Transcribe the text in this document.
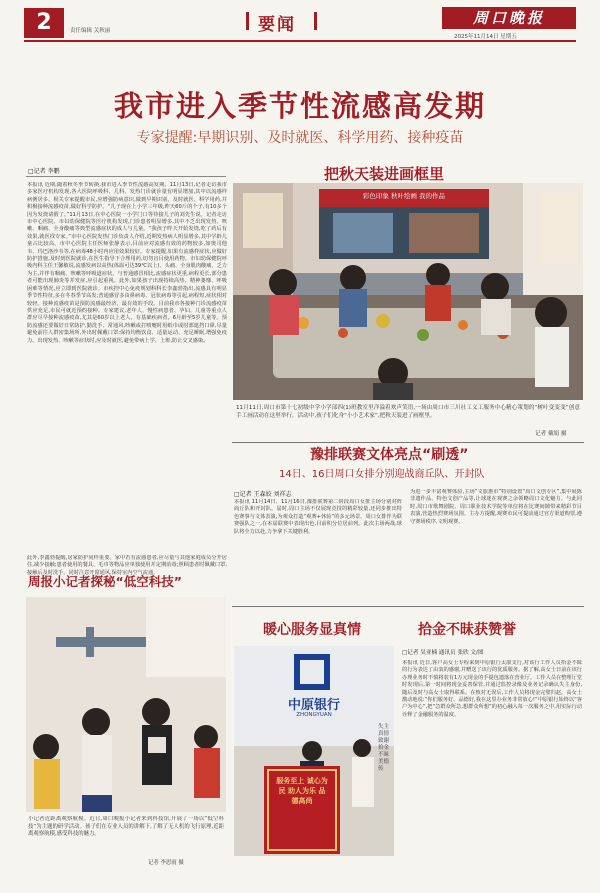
2	责任编辑 关秋丽	要闻	周口晚报
2025年11月14日 星期五
我市进入季节性流感高发期
专家提醒:早期识别、及时就医、科学用药、接种疫苗
□记者 李鹏
本报讯 近期,随着秋冬季节转换,我市进入季节性流感高发期。11月13日,记者走访我市多家医疗机构发现,各大医院呼吸科、儿科、发热门诊就诊量有明显增加,其中以流感样病例居多。相关专家提醒市民,应增强防病意识,做到早期识别、及时就医、科学用药,并积极接种流感疫苗,做好科学防护。“儿子现在上小学三年级,昨天60斤的个子,有10多个因为发烧请假了。”11月13日,在中心医院一小学门口等待接儿子的刘先生说。记者走访市中心医院、市妇幼保健院等医疗机构发现,门诊患者明显增多,其中不乏出现发热、咳嗽、咽痛、全身酸痛等典型流感症状的成人与儿童。“我孩子昨天开始发烧,吃了药后有效果,就医找专家。”市中心医院发热门诊负责人介绍,近期发热病人明显增多,其中学龄儿童占比较高。市中心医院主任医师张静表示,目前应对流感有效的药物较多,如奥司他韦、玛巴洛沙韦等,在病毒48小时内应用效果较好。专家提醒,如果有流感样症状,应做好防护措施,及时到医院就诊,在医生指导下合理用药,切勿盲目使用药物。市妇幼保健院呼吸内科主任王馨敏说,流感发病以高热(体温可达39℃以上)、头痛、全身肌肉酸痛、乏力为主,并伴有咽痛、咳嗽等呼吸道症状。与普通感冒相比,流感症状更重,病程更长,部分患者可能出现肺炎等并发症,应引起重视。此外,如果孩子出现持续高热、精神萎靡、呼吸困难等情况,应立即到医院就诊。市疾控中心免疫规划科科长李鑫勃指出,流感具有明显季节性特征,多在冬春季节高发;普通感冒多由鼻病毒、冠状病毒等引起,病程短,症状相对较轻。接种流感疫苗是预防流感最经济、最有效的手段。目前我市各接种门诊流感疫苗供应充足,市民可就近预约接种。专家建议,老年人、慢性病患者、孕妇、儿童等重点人群应尽早接种流感疫苗,尤其是60岁以上老人、有基础疾病者、6月龄至5岁儿童等。预防流感还要做好日常防护,勤洗手、常通风,咳嗽或打喷嚏时用纸巾或肘部遮挡口鼻,尽量避免前往人群密集场所,外出时佩戴口罩;保持均衡饮食、适量运动、充足睡眠,增强免疫力。出现发热、咳嗽等症状时,应及时就医,避免带病上学、上班,防止交叉感染。
此外,李鑫勃提醒,居家防护同样重要。家中若有流感患者,应尽量与其他家庭成员分开居住,减少接触;患者使用的餐具、毛巾等物品应单独使用并定期消毒;照顾患者时佩戴口罩,接触后及时洗手。同时注意开窗通风,保持室内空气流通。
把秋天装进画框里
彩色印象 秋叶绘画 我的作品
11月11日,周口市第十七初级中学小学部四(1)班教室里洋溢着欢声笑语,一场由周口市三川社工义工服务中心精心策划的“树叶变变变”创意手工画活动在这里举行。活动中,孩子们化身“小小艺术家”,把秋天装进了画框里。
记者 戴娟 摄
豫排联赛文体亮点“刷透”
14日、16日周口女排分别迎战商丘队、开封队
□记者 王森姣 刘祥志
本报讯 11月14日、11月16日,豫排联赛第二阶段周口女排主场分别对阵商丘队和开封队。届时,周口主场不仅展现竞技的精彩较量,还同步推出特色赛事与文体表演,为观众打造“观赛+休验”的多元场景。周口女排作为联赛强队之一,在本届联赛中表现出色,目前积分位居前列。此次主场两战,球队将全力以赴,力争拿下关键胜利。
为进一步丰富观赛体验,主场“文旅惠市”特别设置“周口文创专区”,集中展陈非遗作品、特色文创产品等,让球迷在观赛之余领略周口文化魅力。与此同时,周口市歌舞剧院、周口职业技术学院等单位将在比赛间隙带来精彩节目表演,营造热烈赛场氛围。主办方提醒,观赛市民可提前通过官方渠道购票,遵守赛场秩序,文明观赛。
周报小记者探秘“低空科技”
小记者近距离观察航模。近日,周口晚报小记者来到科技馆,开展了一场以“低空科技”为主题的研学活动。孩子们在专业人员的讲解下,了解了无人机的飞行原理,近距离观察航模,感受科技的魅力。
记者 李思雨 摄
暖心服务显真情	拾金不昧获赞誉
中原银行
ZHONGYUAN
服务至上 诚心为民 助人为乐 品德高尚
失主真情致谢 拾金不昧美德传
□记者 吴亚楠 通讯员 张欣 文/图
本报讯 近日,客户高女士专程来到中原银行太康支行,对该行工作人员拾金不昧的行为表达了由衷的感谢,并赠送了该行的优质服务。据了解,高女士日前在该行办理业务时不慎将装有1万元现金的手提包遗落在营业厅。工作人员在整理厅堂时发现后,第一时间将现金妥善保管,并通过监控录像及业务记录确认失主身份,随后及时与高女士取得联系。在核对无误后,工作人员将现金完璧归赵。高女士激动地说:“你们服务好、品德好,我在这里办业务非常放心!”中原银行始终以“客户为中心”,把“急群众所急,想群众所想”的初心融入每一次服务之中,用实际行动诠释了金融服务的温度。
